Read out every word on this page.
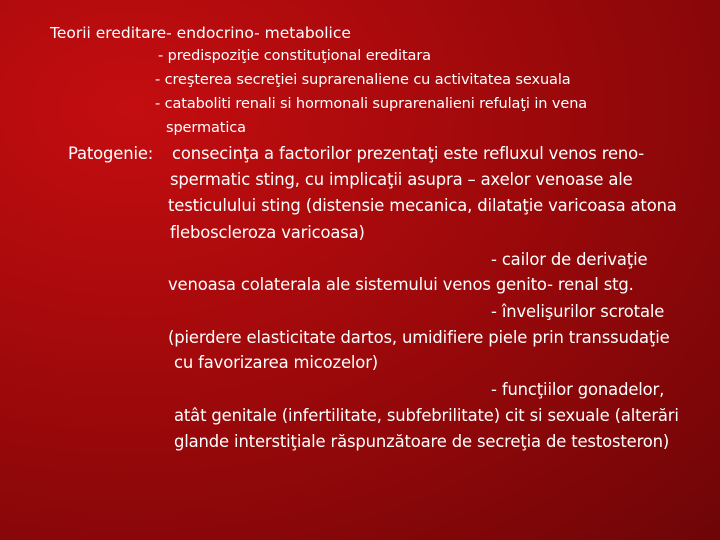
Teorii ereditare- endocrino- metabolice
- predispoziţie constituţional ereditara
- creşterea secreţiei suprarenaliene cu activitatea sexuala
- cataboliti renali si hormonali suprarenalieni refulaţi in vena
spermatica
Patogenie: consecinţa a factorilor prezentaţi este refluxul venos reno-
spermatic sting, cu implicaţii asupra – axelor venoase ale
testiculului sting (distensie mecanica, dilataţie varicoasa atona
fleboscleroza varicoasa)
- cailor de derivaţie
venoasa colaterala ale sistemului venos genito- renal stg.
- învelişurilor scrotale
(pierdere elasticitate dartos, umidifiere piele prin transsudaţie
cu favorizarea micozelor)
- funcţiilor gonadelor,
atât genitale (infertilitate, subfebrilitate) cit si sexuale (alterări
glande interstiţiale răspunzătoare de secreţia de testosteron)
